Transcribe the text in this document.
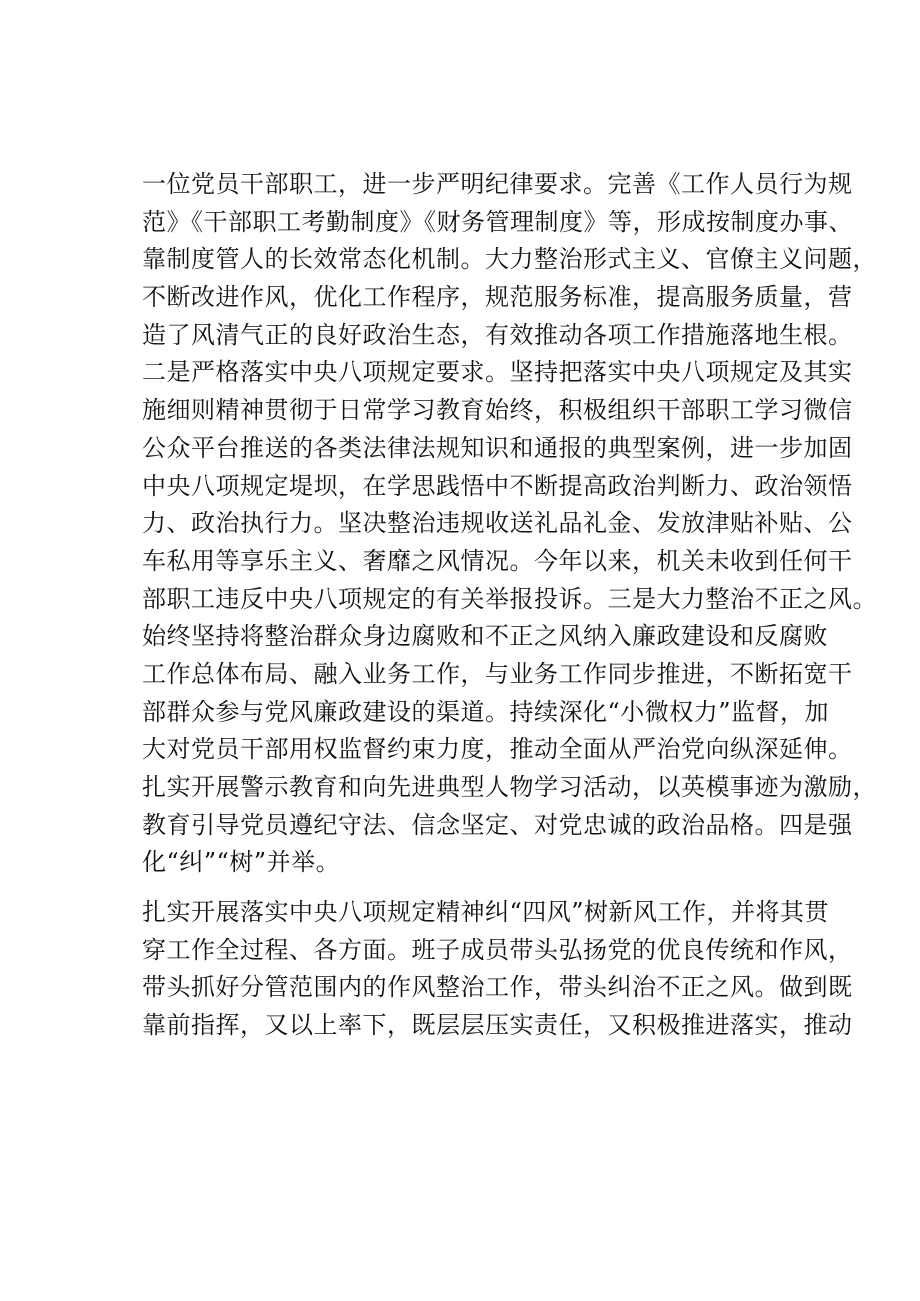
一位党员干部职工，进一步严明纪律要求。完善《工作人员行为规
范》《干部职工考勤制度》《财务管理制度》等，形成按制度办事、
靠制度管人的长效常态化机制。大力整治形式主义、官僚主义问题，
不断改进作风，优化工作程序，规范服务标准，提高服务质量，营
造了风清气正的良好政治生态，有效推动各项工作措施落地生根。
二是严格落实中央八项规定要求。坚持把落实中央八项规定及其实
施细则精神贯彻于日常学习教育始终，积极组织干部职工学习微信
公众平台推送的各类法律法规知识和通报的典型案例，进一步加固
中央八项规定堤坝，在学思践悟中不断提高政治判断力、政治领悟
力、政治执行力。坚决整治违规收送礼品礼金、发放津贴补贴、公
车私用等享乐主义、奢靡之风情况。今年以来，机关未收到任何干
部职工违反中央八项规定的有关举报投诉。三是大力整治不正之风。
始终坚持将整治群众身边腐败和不正之风纳入廉政建设和反腐败
工作总体布局、融入业务工作，与业务工作同步推进，不断拓宽干
部群众参与党风廉政建设的渠道。持续深化“小微权力”监督，加
大对党员干部用权监督约束力度，推动全面从严治党向纵深延伸。
扎实开展警示教育和向先进典型人物学习活动，以英模事迹为激励，
教育引导党员遵纪守法、信念坚定、对党忠诚的政治品格。四是强
化“纠”“树”并举。
扎实开展落实中央八项规定精神纠“四风”树新风工作，并将其贯
穿工作全过程、各方面。班子成员带头弘扬党的优良传统和作风，
带头抓好分管范围内的作风整治工作，带头纠治不正之风。做到既
靠前指挥，又以上率下，既层层压实责任，又积极推进落实，推动
